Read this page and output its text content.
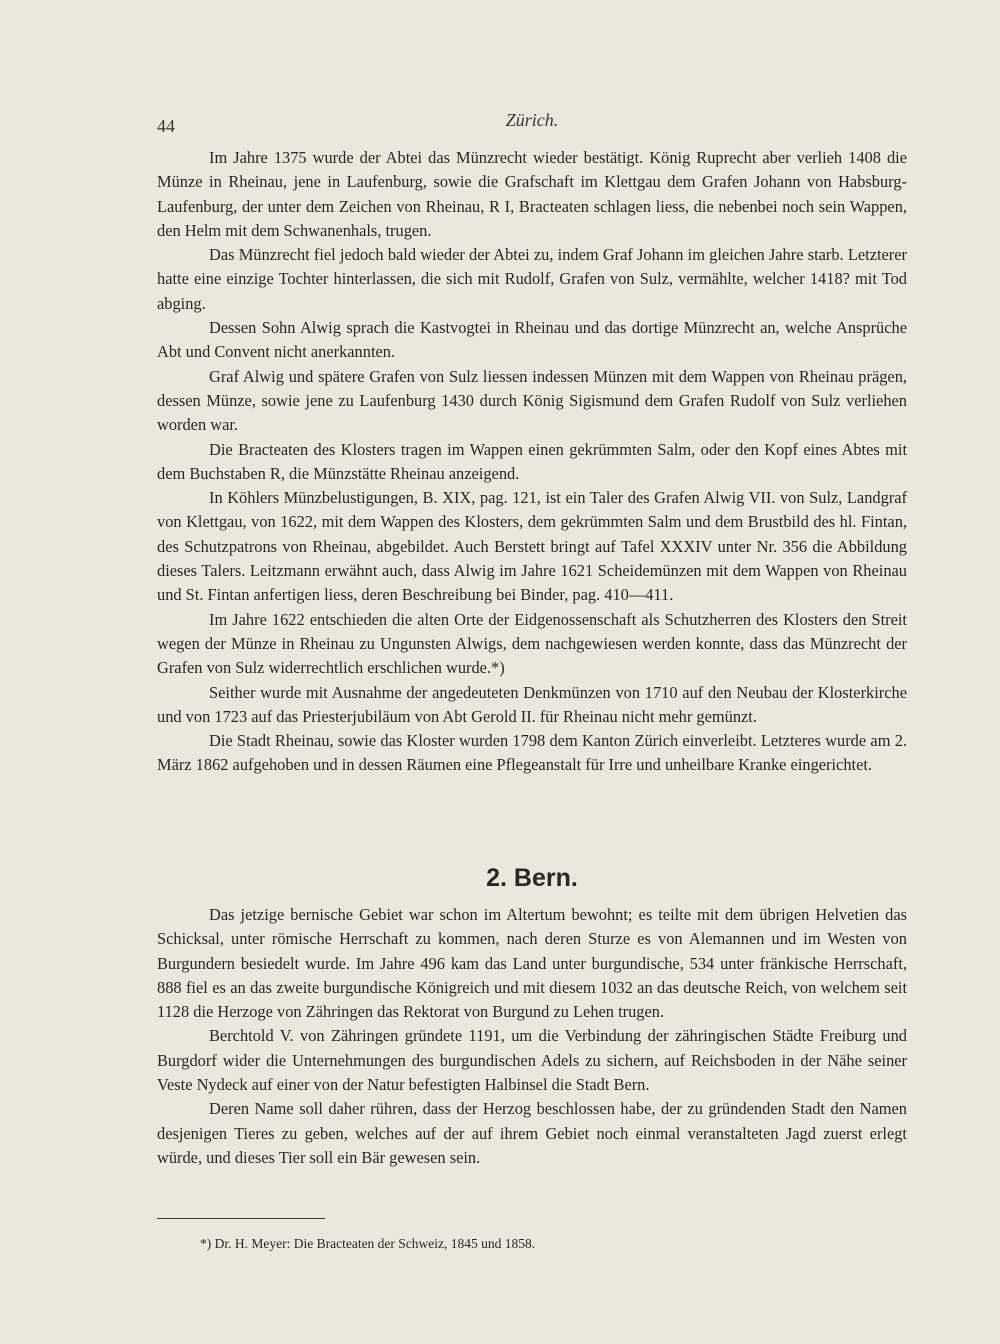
44	Zürich.

Im Jahre 1375 wurde der Abtei das Münzrecht wieder bestätigt. König Ruprecht aber verlieh 1408 die Münze in Rheinau, jene in Laufenburg, sowie die Grafschaft im Klettgau dem Grafen Johann von Habsburg-Laufenburg, der unter dem Zeichen von Rheinau, R I, Bracteaten schlagen liess, die nebenbei noch sein Wappen, den Helm mit dem Schwanenhals, trugen.

Das Münzrecht fiel jedoch bald wieder der Abtei zu, indem Graf Johann im gleichen Jahre starb. Letzterer hatte eine einzige Tochter hinterlassen, die sich mit Rudolf, Grafen von Sulz, vermählte, welcher 1418? mit Tod abging.

Dessen Sohn Alwig sprach die Kastvogtei in Rheinau und das dortige Münzrecht an, welche Ansprüche Abt und Convent nicht anerkannten.

Graf Alwig und spätere Grafen von Sulz liessen indessen Münzen mit dem Wappen von Rheinau prägen, dessen Münze, sowie jene zu Laufenburg 1430 durch König Sigismund dem Grafen Rudolf von Sulz verliehen worden war.

Die Bracteaten des Klosters tragen im Wappen einen gekrümmten Salm, oder den Kopf eines Abtes mit dem Buchstaben R, die Münzstätte Rheinau anzeigend.

In Köhlers Münzbelustigungen, B. XIX, pag. 121, ist ein Taler des Grafen Alwig VII. von Sulz, Landgraf von Klettgau, von 1622, mit dem Wappen des Klosters, dem gekrümmten Salm und dem Brustbild des hl. Fintan, des Schutzpatrons von Rheinau, abgebildet. Auch Berstett bringt auf Tafel XXXIV unter Nr. 356 die Abbildung dieses Talers. Leitzmann erwähnt auch, dass Alwig im Jahre 1621 Scheidemünzen mit dem Wappen von Rheinau und St. Fintan anfertigen liess, deren Beschreibung bei Binder, pag. 410—411.

Im Jahre 1622 entschieden die alten Orte der Eidgenossenschaft als Schutzherren des Klosters den Streit wegen der Münze in Rheinau zu Ungunsten Alwigs, dem nachgewiesen werden konnte, dass das Münzrecht der Grafen von Sulz widerrechtlich erschlichen wurde.*)

Seither wurde mit Ausnahme der angedeuteten Denkmünzen von 1710 auf den Neubau der Klosterkirche und von 1723 auf das Priesterjubiläum von Abt Gerold II. für Rheinau nicht mehr gemünzt.

Die Stadt Rheinau, sowie das Kloster wurden 1798 dem Kanton Zürich einverleibt. Letzteres wurde am 2. März 1862 aufgehoben und in dessen Räumen eine Pflegeanstalt für Irre und unheilbare Kranke eingerichtet.

2. Bern.

Das jetzige bernische Gebiet war schon im Altertum bewohnt; es teilte mit dem übrigen Helvetien das Schicksal, unter römische Herrschaft zu kommen, nach deren Sturze es von Alemannen und im Westen von Burgundern besiedelt wurde. Im Jahre 496 kam das Land unter burgundische, 534 unter fränkische Herrschaft, 888 fiel es an das zweite burgundische Königreich und mit diesem 1032 an das deutsche Reich, von welchem seit 1128 die Herzoge von Zähringen das Rektorat von Burgund zu Lehen trugen.

Berchtold V. von Zähringen gründete 1191, um die Verbindung der zähringischen Städte Freiburg und Burgdorf wider die Unternehmungen des burgundischen Adels zu sichern, auf Reichsboden in der Nähe seiner Veste Nydeck auf einer von der Natur befestigten Halbinsel die Stadt Bern.

Deren Name soll daher rühren, dass der Herzog beschlossen habe, der zu gründenden Stadt den Namen desjenigen Tieres zu geben, welches auf der auf ihrem Gebiet noch einmal veranstalteten Jagd zuerst erlegt würde, und dieses Tier soll ein Bär gewesen sein.

*) Dr. H. Meyer: Die Bracteaten der Schweiz, 1845 und 1858.
